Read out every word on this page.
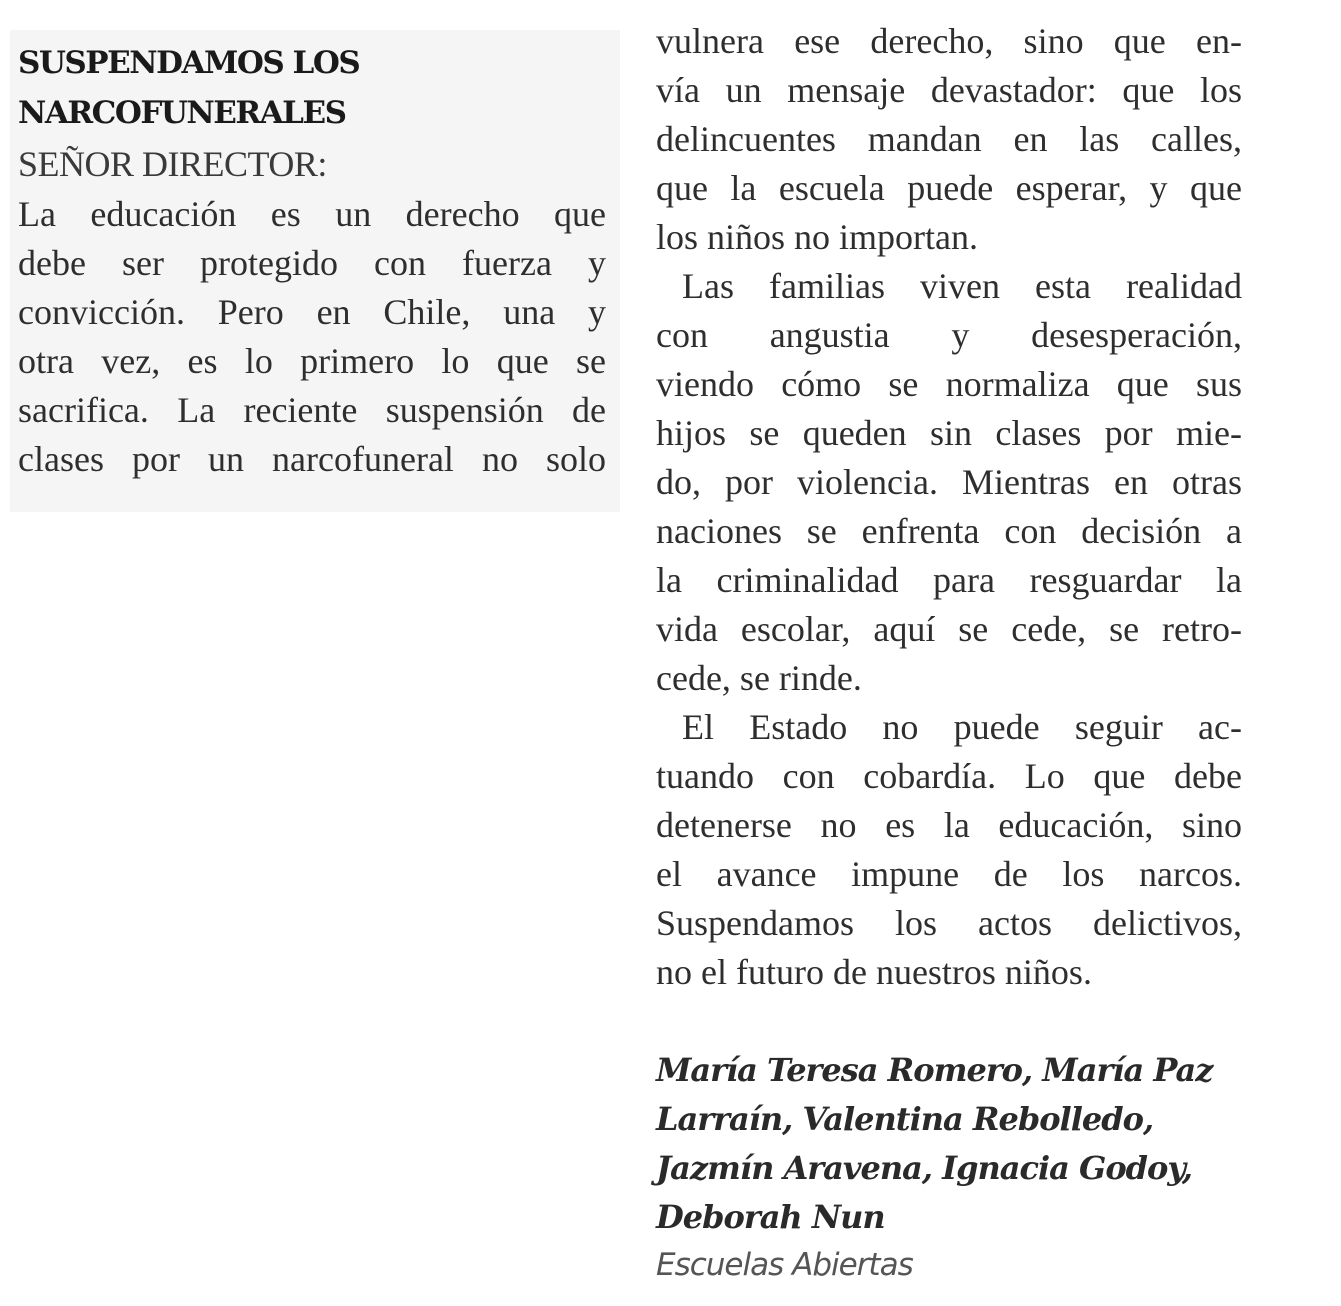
SUSPENDAMOS LOS
NARCOFUNERALES

SEÑOR DIRECTOR:

La educación es un derecho que
debe ser protegido con fuerza y
convicción. Pero en Chile, una y
otra vez, es lo primero lo que se
sacrifica. La reciente suspensión de
clases por un narcofuneral no solo

vulnera ese derecho, sino que en-
vía un mensaje devastador: que los
delincuentes mandan en las calles,
que la escuela puede esperar, y que
los niños no importan.

Las familias viven esta realidad
con angustia y desesperación,
viendo cómo se normaliza que sus
hijos se queden sin clases por mie-
do, por violencia. Mientras en otras
naciones se enfrenta con decisión a
la criminalidad para resguardar la
vida escolar, aquí se cede, se retro-
cede, se rinde.

El Estado no puede seguir ac-
tuando con cobardía. Lo que debe
detenerse no es la educación, sino
el avance impune de los narcos.
Suspendamos los actos delictivos,
no el futuro de nuestros niños.

María Teresa Romero, María Paz
Larraín, Valentina Rebolledo,
Jazmín Aravena, Ignacia Godoy,
Deborah Nun

Escuelas Abiertas
